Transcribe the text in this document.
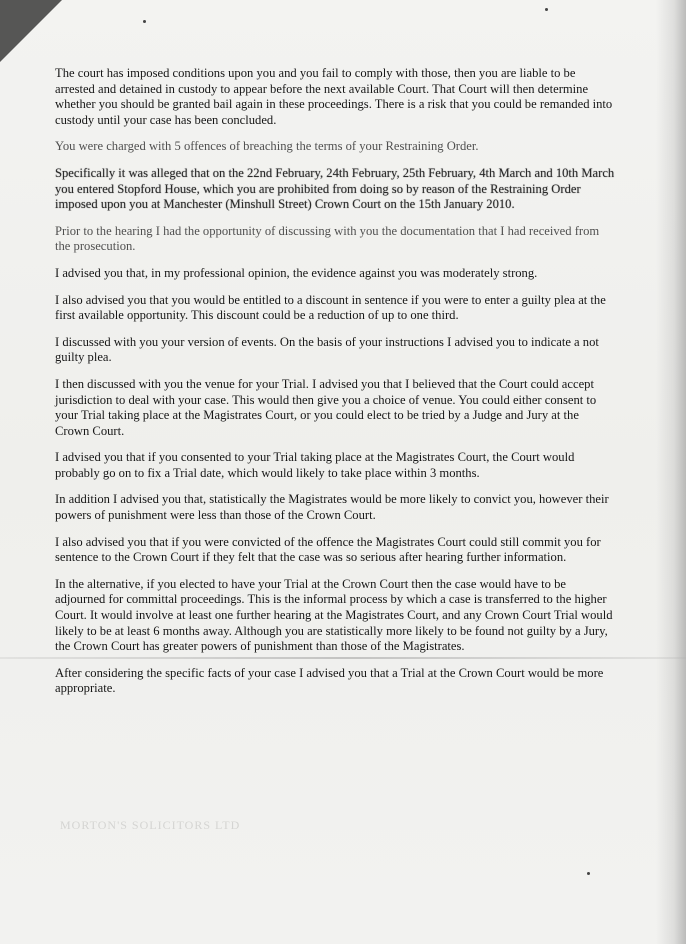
The court has imposed conditions upon you and you fail to comply with those, then you are liable to be arrested and detained in custody to appear before the next available Court. That Court will then determine whether you should be granted bail again in these proceedings. There is a risk that you could be remanded into custody until your case has been concluded.

You were charged with 5 offences of breaching the terms of your Restraining Order.

Specifically it was alleged that on the 22nd February, 24th February, 25th February, 4th March and 10th March you entered Stopford House, which you are prohibited from doing so by reason of the Restraining Order imposed upon you at Manchester (Minshull Street) Crown Court on the 15th January 2010.

Prior to the hearing I had the opportunity of discussing with you the documentation that I had received from the prosecution.

I advised you that, in my professional opinion, the evidence against you was moderately strong.

I also advised you that you would be entitled to a discount in sentence if you were to enter a guilty plea at the first available opportunity. This discount could be a reduction of up to one third.

I discussed with you your version of events. On the basis of your instructions I advised you to indicate a not guilty plea.

I then discussed with you the venue for your Trial. I advised you that I believed that the Court could accept jurisdiction to deal with your case. This would then give you a choice of venue. You could either consent to your Trial taking place at the Magistrates Court, or you could elect to be tried by a Judge and Jury at the Crown Court.

I advised you that if you consented to your Trial taking place at the Magistrates Court, the Court would probably go on to fix a Trial date, which would likely to take place within 3 months.

In addition I advised you that, statistically the Magistrates would be more likely to convict you, however their powers of punishment were less than those of the Crown Court.

I also advised you that if you were convicted of the offence the Magistrates Court could still commit you for sentence to the Crown Court if they felt that the case was so serious after hearing further information.

In the alternative, if you elected to have your Trial at the Crown Court then the case would have to be adjourned for committal proceedings. This is the informal process by which a case is transferred to the higher Court. It would involve at least one further hearing at the Magistrates Court, and any Crown Court Trial would likely to be at least 6 months away. Although you are statistically more likely to be found not guilty by a Jury, the Crown Court has greater powers of punishment than those of the Magistrates.

After considering the specific facts of your case I advised you that a Trial at the Crown Court would be more appropriate.

MORTON'S SOLICITORS LTD
